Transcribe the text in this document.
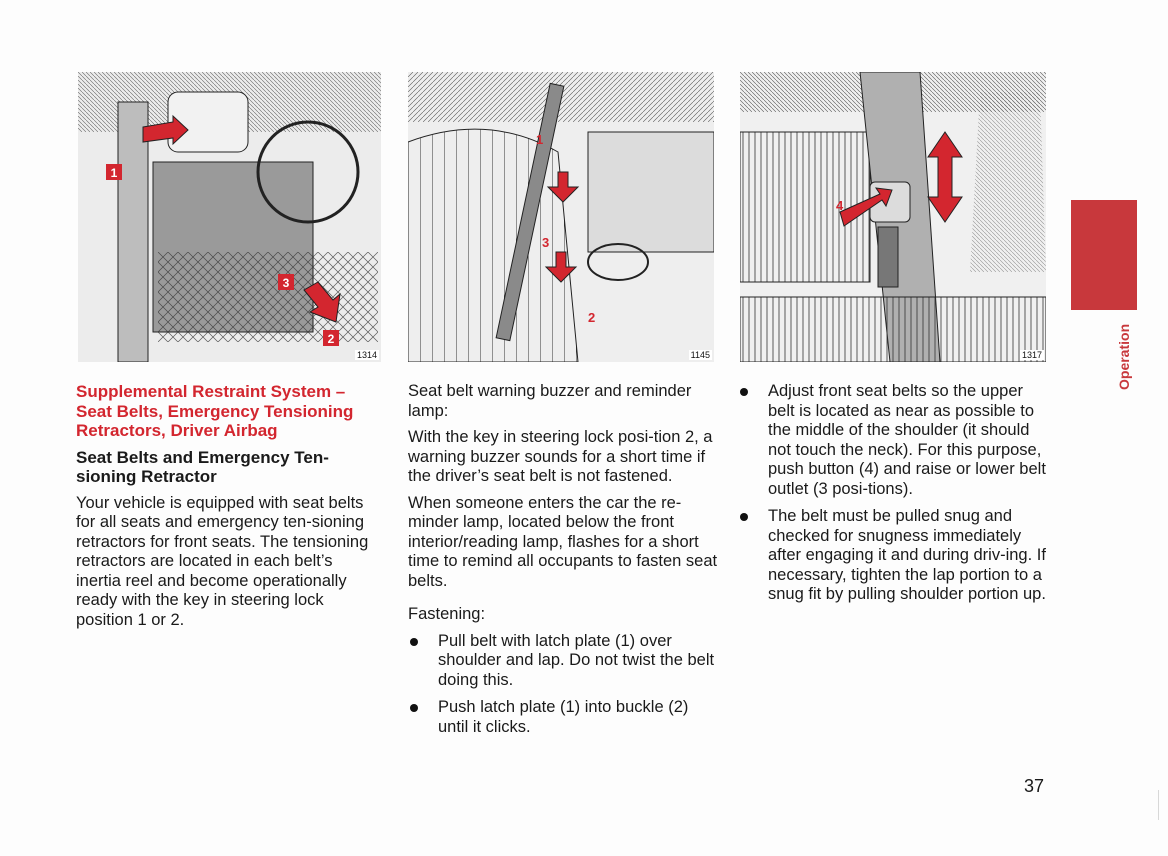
1
3
2
1314
1
3
2
1145
4
1317

Supplemental Restraint System – Seat Belts, Emergency Tensioning Retractors, Driver Airbag

Seat Belts and Emergency Ten-sioning Retractor

Your vehicle is equipped with seat belts for all seats and emergency ten-sioning retractors for front seats. The tensioning retractors are located in each belt’s inertia reel and become operationally ready with the key in steering lock position 1 or 2.

Seat belt warning buzzer and reminder lamp:

With the key in steering lock posi-tion 2, a warning buzzer sounds for a short time if the driver’s seat belt is not fastened.

When someone enters the car the re-minder lamp, located below the front interior/reading lamp, flashes for a short time to remind all occupants to fasten seat belts.

Fastening:

Pull belt with latch plate (1) over shoulder and lap. Do not twist the belt doing this.
Push latch plate (1) into buckle (2) until it clicks.
Adjust front seat belts so the upper belt is located as near as possible to the middle of the shoulder (it should not touch the neck). For this purpose, push button (4) and raise or lower belt outlet (3 posi-tions).
The belt must be pulled snug and checked for snugness immediately after engaging it and during driv-ing. If necessary, tighten the lap portion to a snug fit by pulling shoulder portion up.
Operation
37
